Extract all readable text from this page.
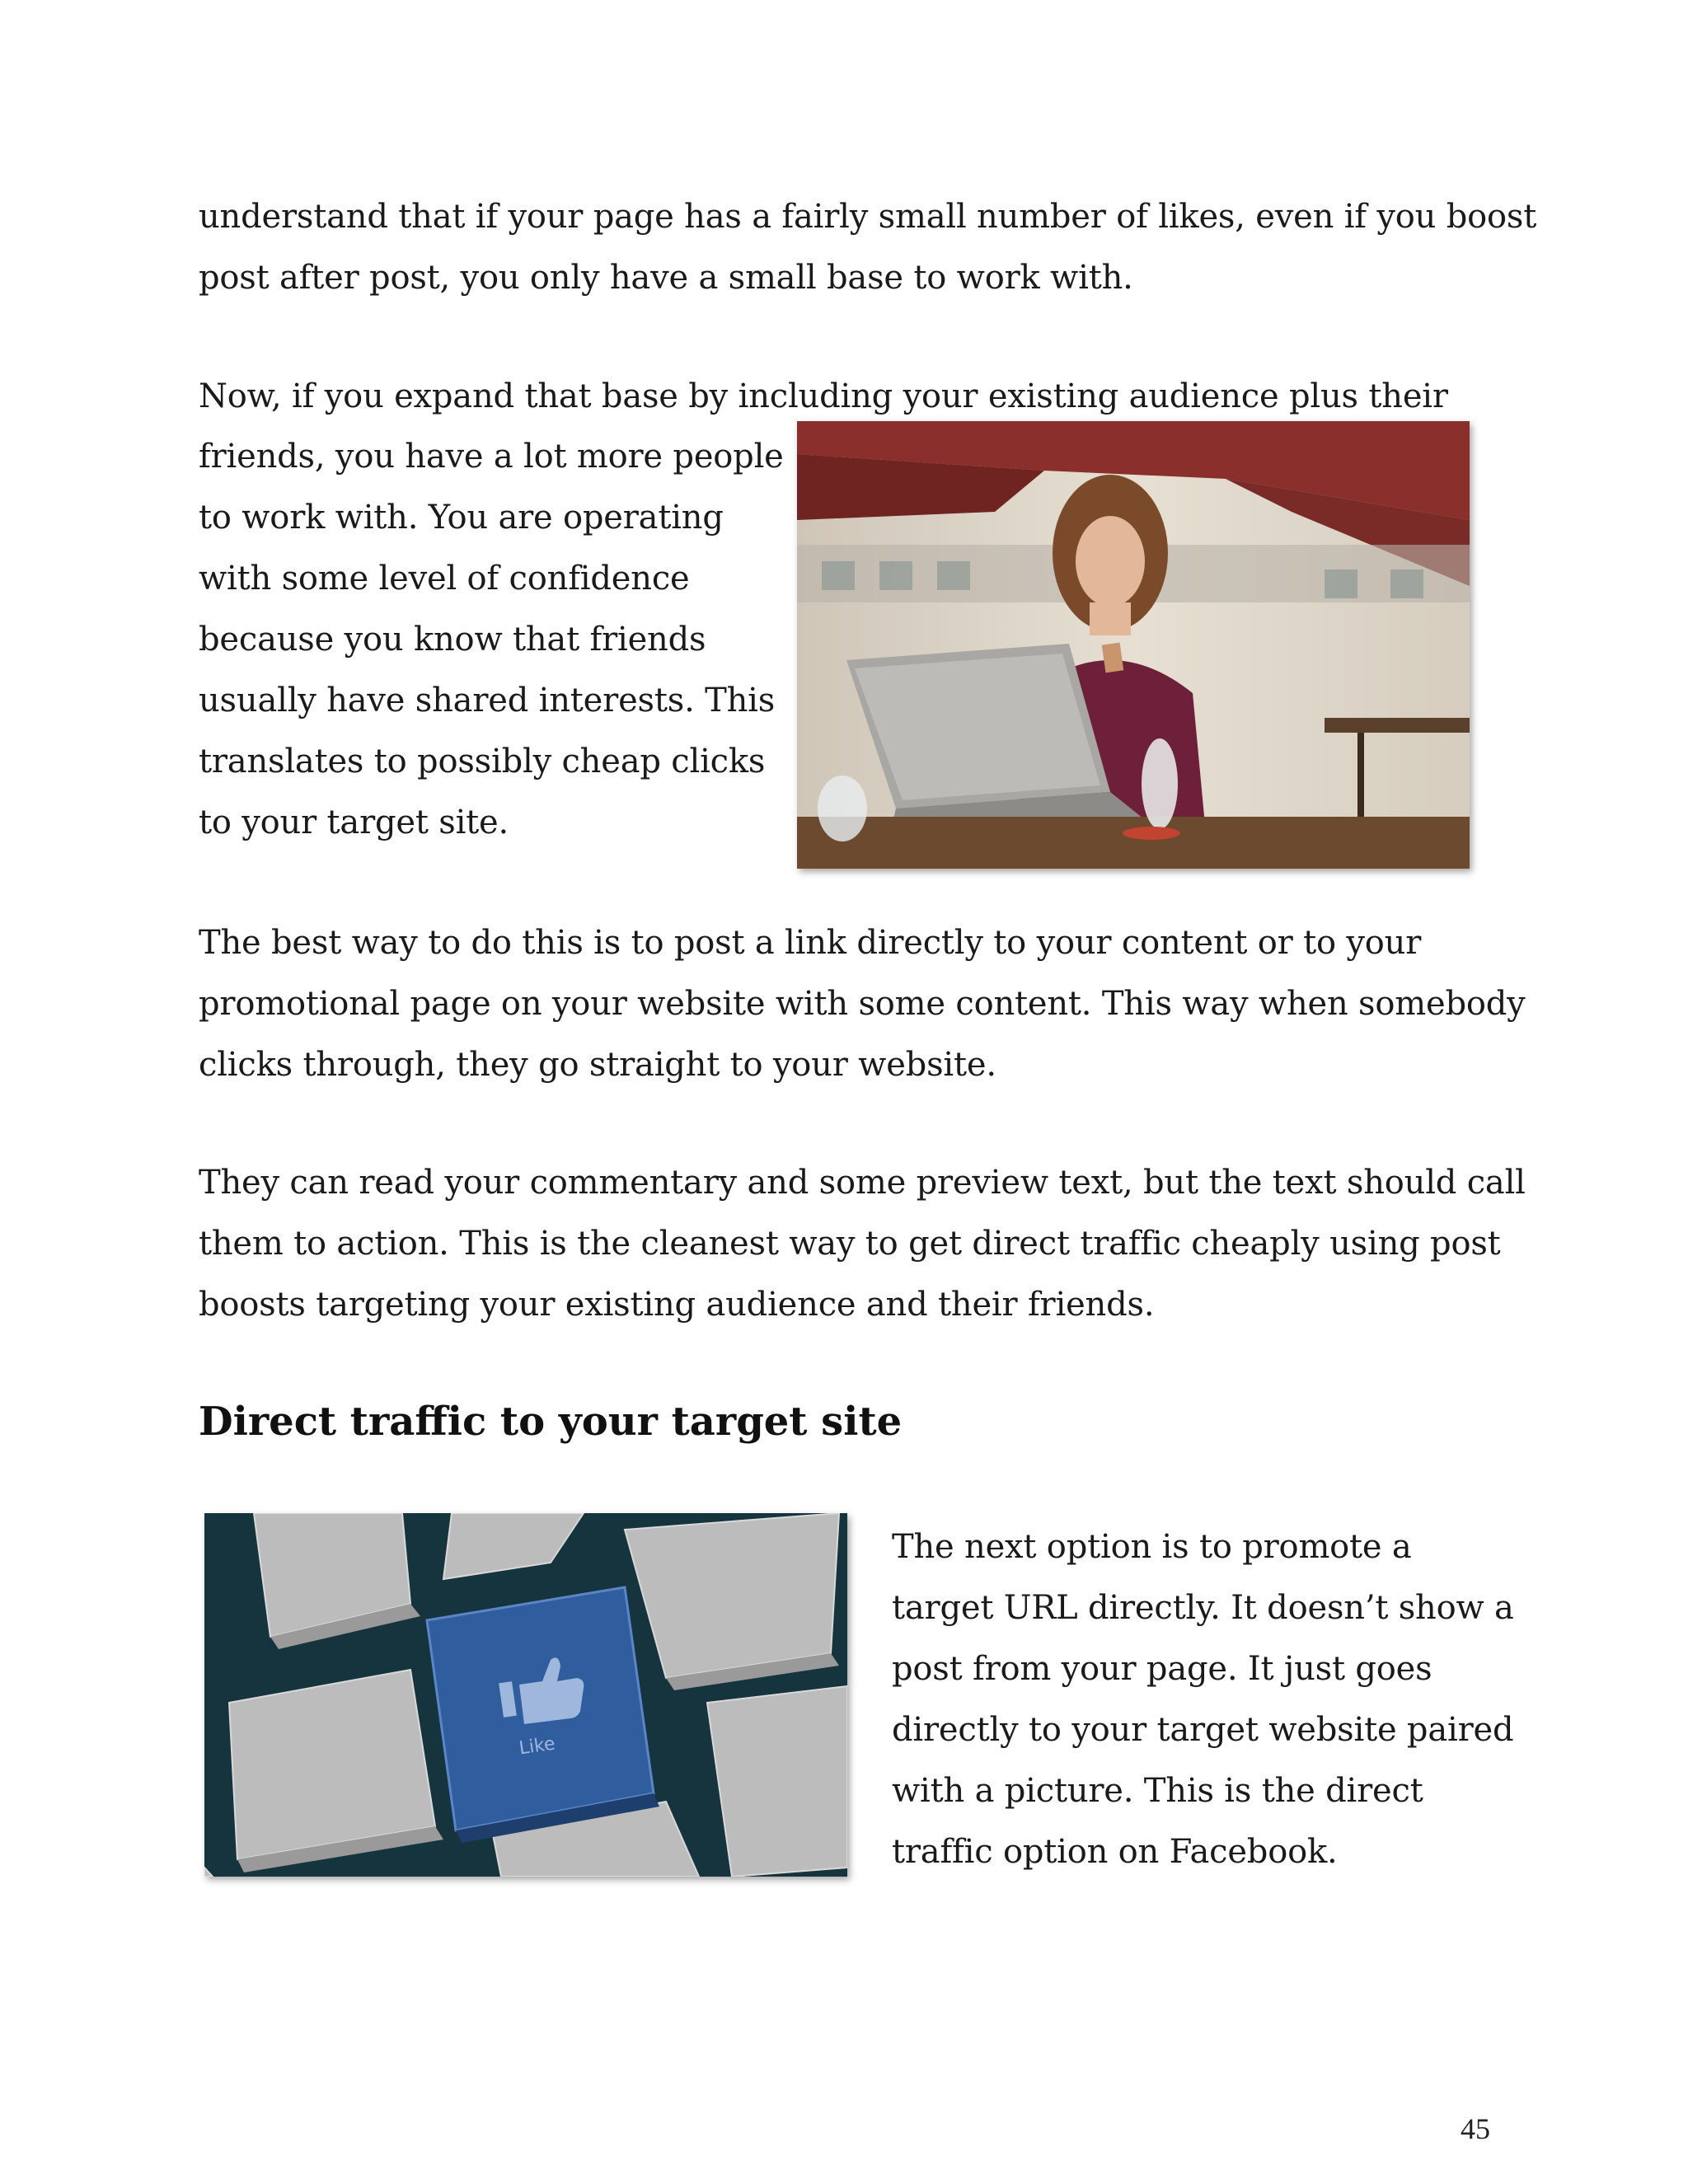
understand that if your page has a fairly small number of likes, even if you boost

post after post, you only have a small base to work with.

Now, if you expand that base by including your existing audience plus their

friends, you have a lot more people

to work with. You are operating

with some level of confidence

because you know that friends

usually have shared interests. This

translates to possibly cheap clicks

to your target site.

The best way to do this is to post a link directly to your content or to your

promotional page on your website with some content. This way when somebody

clicks through, they go straight to your website.

They can read your commentary and some preview text, but the text should call

them to action. This is the cleanest way to get direct traffic cheaply using post

boosts targeting your existing audience and their friends.

Direct traffic to your target site
Like

The next option is to promote a

target URL directly. It doesn’t show a

post from your page. It just goes

directly to your target website paired

with a picture. This is the direct

traffic option on Facebook.

45
